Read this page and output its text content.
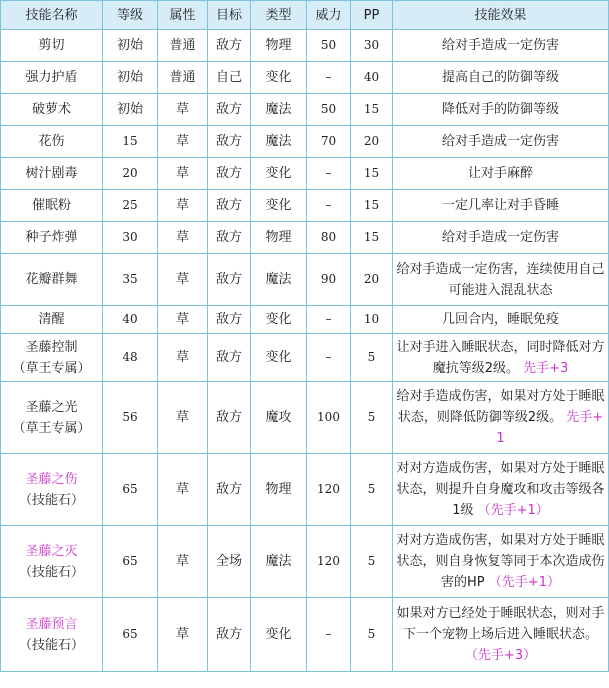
技能名称	等级	属性	目标	类型	威力	PP	技能效果

剪切	初始	普通	敌方	物理	50	30	给对手造成一定伤害

强力护盾	初始	普通	自己	变化	–	40	提高自己的防御等级

破萝术	初始	草	敌方	魔法	50	15	降低对手的防御等级

花伤	15	草	敌方	魔法	70	20	给对手造成一定伤害

树汁剧毒	20	草	敌方	变化	–	15	让对手麻醉

催眠粉	25	草	敌方	变化	–	15	一定几率让对手昏睡

种子炸弹	30	草	敌方	物理	80	15	给对手造成一定伤害

花瓣群舞	35	草	敌方	魔法	90	20	给对手造成一定伤害，连续使用自己可能进入混乱状态

清醒	40	草	敌方	变化	–	10	几回合内，睡眠免疫

圣藤控制
（草王专属）	48	草	敌方	变化	–	5	让对手进入睡眠状态，同时降低对方魔抗等级2级。 先手+3

圣藤之光
（草王专属）	56	草	敌方	魔攻	100	5	给对手造成伤害，如果对方处于睡眠状态，则降低防御等级2级。 先手+1

圣藤之伤
（技能石）	65	草	敌方	物理	120	5	对对方造成伤害，如果对方处于睡眠状态，则提升自身魔攻和攻击等级各1级 （先手+1）

圣藤之灭
（技能石）	65	草	全场	魔法	120	5	对对方造成伤害，如果对方处于睡眠状态，则自身恢复等同于本次造成伤害的HP （先手+1）

圣藤预言
（技能石）	65	草	敌方	变化	–	5	如果对方已经处于睡眠状态，则对手下一个宠物上场后进入睡眠状态。 （先手+3）
